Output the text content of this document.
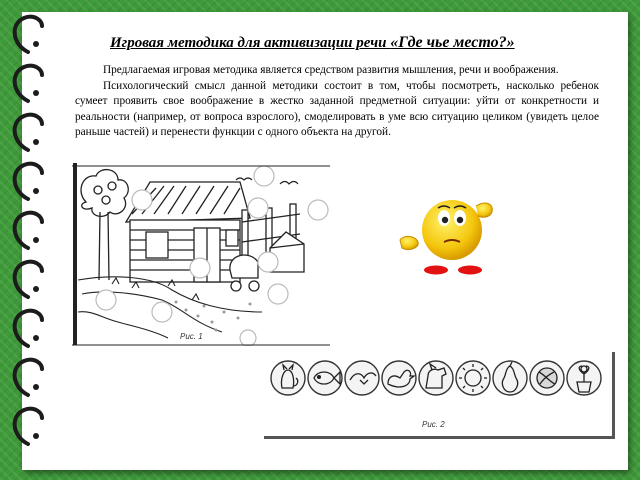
Игровая методика для активизации речи «Где чье место?»

Предлагаемая игровая методика является средством развития мышления, речи и воображения.

Психологический смысл данной методики состоит в том, чтобы посмотреть, насколько ребенок сумеет проявить свое воображение в жестко заданной предметной ситуации: уйти от конкретности и реальности (например, от вопроса взрослого), смоделировать в уме всю ситуацию целиком (увидеть целое раньше частей) и перенести функции с одного объекта на другой.

Рис. 1
Рис. 2
